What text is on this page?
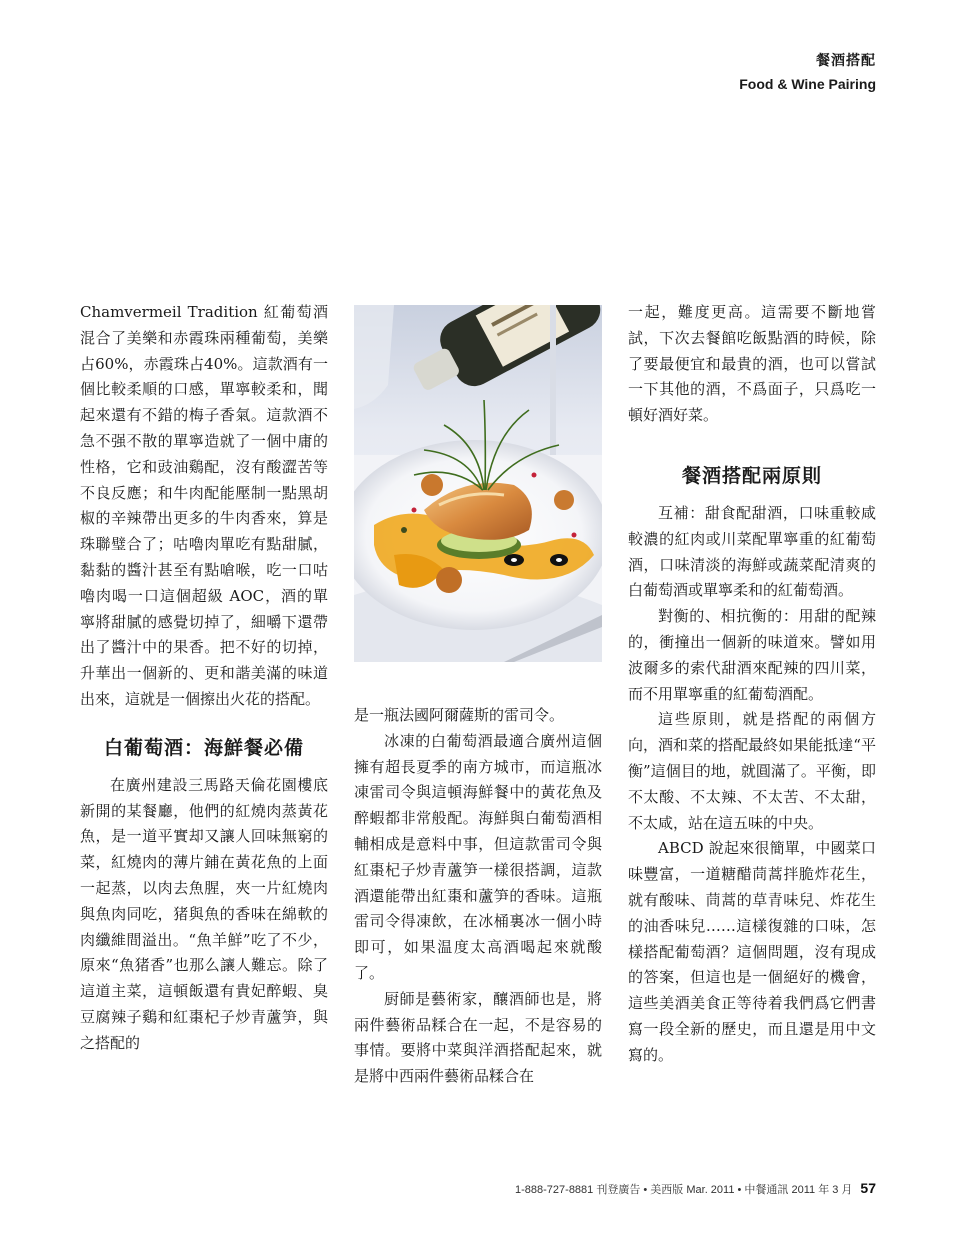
餐酒搭配
Food & Wine Pairing

Chamvermeil Tradition 紅葡萄酒混合了美樂和赤霞珠兩種葡萄，美樂占60%，赤霞珠占40%。這款酒有一個比較柔順的口感，單寧較柔和，聞起來還有不錯的梅子香氣。這款酒不急不强不散的單寧造就了一個中庸的性格，它和豉油鷄配，沒有酸澀苦等不良反應；和牛肉配能壓制一點黑胡椒的辛辣帶出更多的牛肉香來，算是珠聯璧合了；咕嚕肉單吃有點甜膩，黏黏的醬汁甚至有點嗆喉，吃一口咕嚕肉喝一口這個超級 AOC，酒的單寧將甜膩的感覺切掉了，細嚼下還帶出了醬汁中的果香。把不好的切掉，升華出一個新的、更和諧美滿的味道出來，這就是一個擦出火花的搭配。

白葡萄酒：海鮮餐必備

在廣州建設三馬路天倫花園樓底新開的某餐廳，他們的紅燒肉蒸黃花魚，是一道平實却又讓人回味無窮的菜，紅燒肉的薄片鋪在黃花魚的上面一起蒸，以肉去魚腥，夾一片紅燒肉與魚肉同吃，猪與魚的香味在綿軟的肉纖維間溢出。“魚羊鮮”吃了不少，原來“魚猪香”也那么讓人難忘。除了這道主菜，這頓飯還有貴妃醉蝦、臭豆腐辣子鷄和紅棗杞子炒青蘆笋，與之搭配的

是一瓶法國阿爾薩斯的雷司令。

冰凍的白葡萄酒最適合廣州這個擁有超長夏季的南方城市，而這瓶冰凍雷司令與這頓海鮮餐中的黃花魚及醉蝦都非常般配。海鮮與白葡萄酒相輔相成是意料中事，但這款雷司令與紅棗杞子炒青蘆笋一樣很搭調，這款酒還能帶出紅棗和蘆笋的香味。這瓶雷司令得凍飲，在冰桶裏冰一個小時即可，如果温度太高酒喝起來就酸了。

厨師是藝術家，釀酒師也是，將兩件藝術品糅合在一起，不是容易的事情。要將中菜與洋酒搭配起來，就是將中西兩件藝術品糅合在

一起，難度更高。這需要不斷地嘗試，下次去餐館吃飯點酒的時候，除了要最便宜和最貴的酒，也可以嘗試一下其他的酒，不爲面子，只爲吃一頓好酒好菜。

餐酒搭配兩原則

互補：甜食配甜酒，口味重較咸較濃的紅肉或川菜配單寧重的紅葡萄酒，口味清淡的海鮮或蔬菜配清爽的白葡萄酒或單寧柔和的紅葡萄酒。

對衡的、相抗衡的：用甜的配辣的，衝撞出一個新的味道來。譬如用波爾多的索代甜酒來配辣的四川菜，而不用單寧重的紅葡萄酒配。

這些原則，就是搭配的兩個方向，酒和菜的搭配最終如果能抵達“平衡”這個目的地，就圓滿了。平衡，即不太酸、不太辣、不太苦、不太甜，不太咸，站在這五味的中央。

ABCD 說起來很簡單，中國菜口味豐富，一道糖醋茼蒿拌脆炸花生，就有酸味、茼蒿的草青味兒、炸花生的油香味兒……這樣復雜的口味，怎樣搭配葡萄酒？這個問題，沒有現成的答案，但這也是一個絕好的機會，這些美酒美食正等待着我們爲它們書寫一段全新的歷史，而且還是用中文寫的。

1-888-727-8881 刊登廣告 • 美西版 Mar. 2011 • 中餐通訊 2011 年 3 月 57
